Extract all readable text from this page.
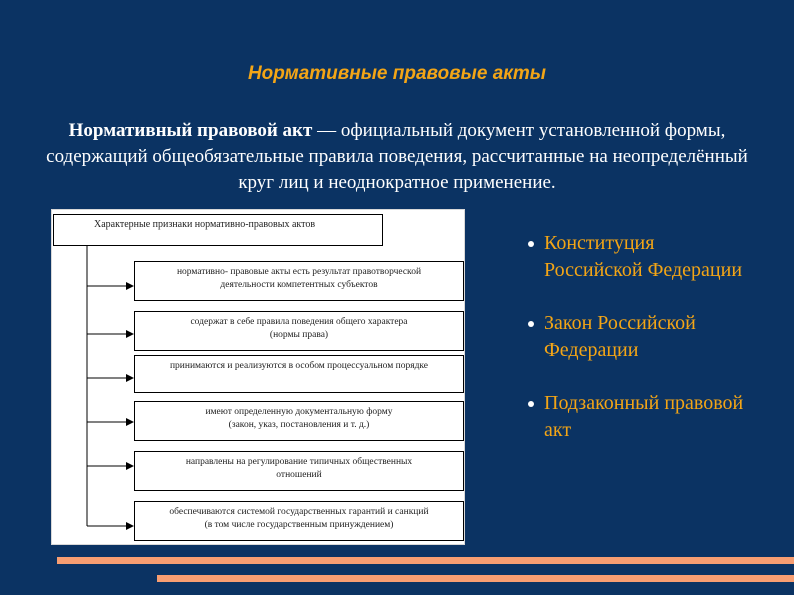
Нормативные правовые акты
Нормативный правовой акт — официальный документ установленной формы, содержащий общеобязательные правила поведения, рассчитанные на неопределённый круг лиц и неоднократное применение.
Характерные признаки нормативно-правовых актов
нормативно- правовые акты есть результат правотворческой
деятельности компетентных субъектов
содержат в себе правила поведения общего характера
(нормы права)
принимаются и реализуются в особом процессуальном порядке
имеют определенную документальную форму
(закон, указ, постановления и т. д.)
направлены на регулирование типичных общественных
отношений
обеспечиваются системой государственных гарантий и санкций
(в том числе государственным принуждением)
Конституция Российской Федерации
Закон Российской Федерации
Подзаконный правовой акт
